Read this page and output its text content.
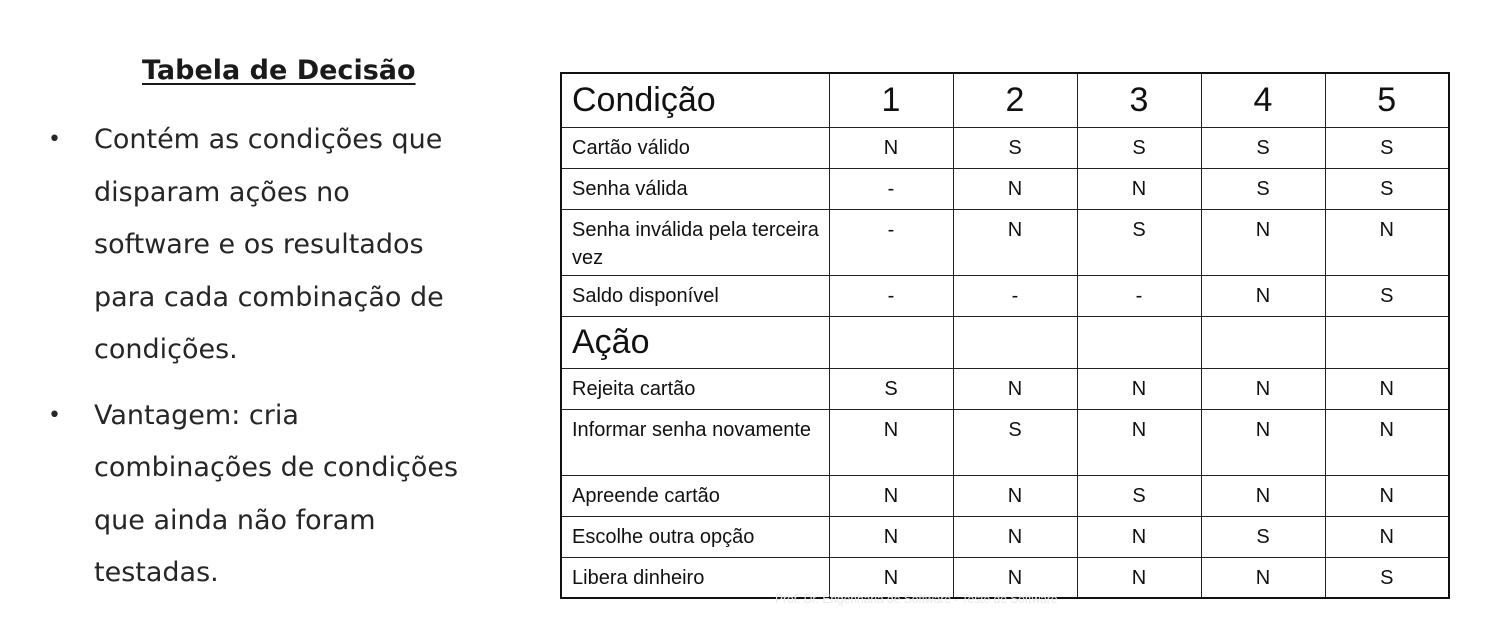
Tabela de Decisão
• Contém as condições que
disparam ações no
software e os resultados
para cada combinação de
condições.
• Vantagem: cria
combinações de condições
que ainda não foram
testadas.
Condição	1	2	3	4	5
Cartão válido	N	S	S	S	S
Senha válida	-	N	N	S	S
Senha inválida pela terceira vez	-	N	S	N	N
Saldo disponível	-	-	-	N	S
Ação					
Rejeita cartão	S	N	N	N	N
Informar senha novamente	N	S	N	N	N
Apreende cartão	N	N	S	N	N
Escolhe outra opção	N	N	N	S	N
Libera dinheiro	N	N	N	N	S
Prof. Dr. Engenharia de Software - Teste de Software
